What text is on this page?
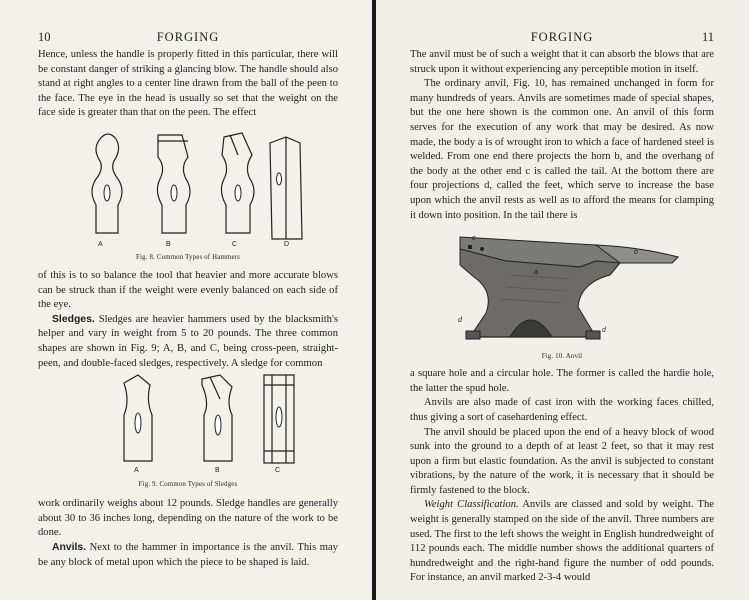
10	FORGING

Hence, unless the handle is properly fitted in this particular, there will be constant danger of striking a glancing blow. The handle should also stand at right angles to a center line drawn from the ball of the peen to the face. The eye in the head is usually so set that the weight on the face side is greater than that on the peen. The effect

A	B	C	D
Fig. 8. Common Types of Hammers

of this is to so balance the tool that heavier and more accurate blows can be struck than if the weight were evenly balanced on each side of the eye.

Sledges. Sledges are heavier hammers used by the blacksmith's helper and vary in weight from 5 to 20 pounds. The three common shapes are shown in Fig. 9; A, B, and C, being cross-peen, straight-peen, and double-faced sledges, respectively. A sledge for common

A	B	C
Fig. 9. Common Types of Sledges

work ordinarily weighs about 12 pounds. Sledge handles are generally about 30 to 36 inches long, depending on the nature of the work to be done.

Anvils. Next to the hammer in importance is the anvil. This may be any block of metal upon which the piece to be shaped is laid.

FORGING	11

The anvil must be of such a weight that it can absorb the blows that are struck upon it without experiencing any perceptible motion in itself.

The ordinary anvil, Fig. 10, has remained unchanged in form for many hundreds of years. Anvils are sometimes made of special shapes, but the one here shown is the common one. An anvil of this form serves for the execution of any work that may be desired. As now made, the body a is of wrought iron to which a face of hardened steel is welded. From one end there projects the horn b, and the overhang of the body at the other end c is called the tail. At the bottom there are four projections d, called the feet, which serve to increase the base upon which the anvil rests as well as to afford the means for clamping it down into position. In the tail there is

a
b
c
d
d
Fig. 10. Anvil

a square hole and a circular hole. The former is called the hardie hole, the latter the spud hole.

Anvils are also made of cast iron with the working faces chilled, thus giving a sort of casehardening effect.

The anvil should be placed upon the end of a heavy block of wood sunk into the ground to a depth of at least 2 feet, so that it may rest upon a firm but elastic foundation. As the anvil is subjected to constant vibrations, by the nature of the work, it is necessary that it should be firmly fastened to the block.

Weight Classification. Anvils are classed and sold by weight. The weight is generally stamped on the side of the anvil. Three numbers are used. The first to the left shows the weight in English hundredweight of 112 pounds each. The middle number shows the additional quarters of hundredweight and the right-hand figure the number of odd pounds. For instance, an anvil marked 2-3-4 would
